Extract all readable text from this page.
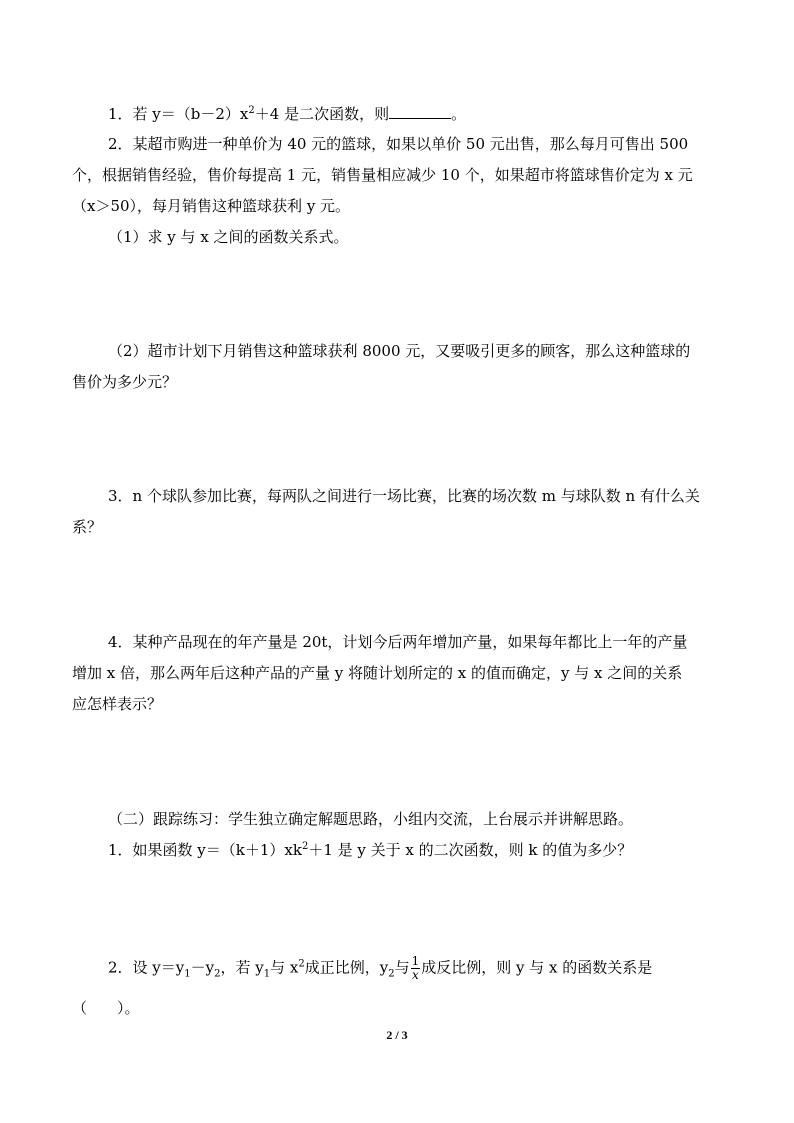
1．若 $y=(b-2)x^2+4$ 是二次函数，则	。
2．某超市购进一种单价为 40 元的篮球，如果以单价 50 元出售，那么每月可售出 500
个，根据销售经验，售价每提高 1 元，销售量相应减少 10 个，如果超市将篮球售价定为 x 元
（x＞50），每月销售这种篮球获利 y 元。
（1）求 y 与 x 之间的函数关系式。
（2）超市计划下月销售这种篮球获利 8000 元，又要吸引更多的顾客，那么这种篮球的
售价为多少元？
3．n 个球队参加比赛，每两队之间进行一场比赛，比赛的场次数 m 与球队数 n 有什么关
系？
4．某种产品现在的年产量是 20t，计划今后两年增加产量，如果每年都比上一年的产量
增加 x 倍，那么两年后这种产品的产量 y 将随计划所定的 x 的值而确定，y 与 x 之间的关系
应怎样表示？
（二）跟踪练习：学生独立确定解题思路，小组内交流，上台展示并讲解思路。
1．如果函数 $y=(k+1)xk^2+1$ 是 y 关于 x 的二次函数，则 k 的值为多少？
2．设 $y=y_1-y_2$，若 $y_1$与 $x^2$成正比例，$y_2$与 $\frac{1}{x}$ 成反比例，则 y 与 x 的函数关系是
（　　）。
2 / 3
